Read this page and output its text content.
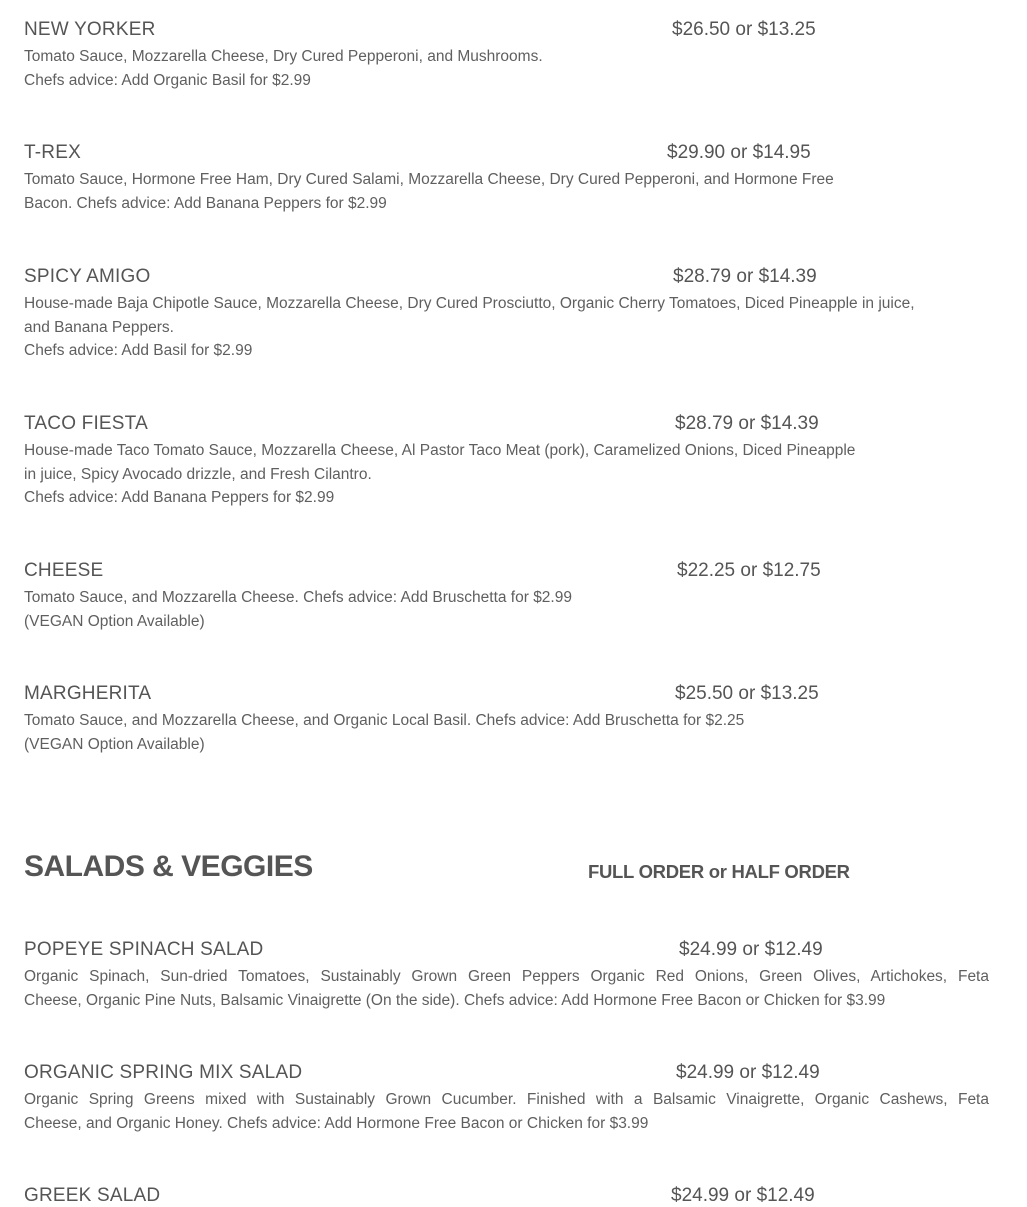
NEW YORKER	$26.50 or $13.25
Tomato Sauce, Mozzarella Cheese, Dry Cured Pepperoni, and Mushrooms.
Chefs advice: Add Organic Basil for $2.99
T-REX	$29.90 or $14.95
Tomato Sauce, Hormone Free Ham, Dry Cured Salami, Mozzarella Cheese, Dry Cured Pepperoni, and Hormone Free
Bacon. Chefs advice: Add Banana Peppers for $2.99
SPICY AMIGO	$28.79 or $14.39
House-made Baja Chipotle Sauce, Mozzarella Cheese, Dry Cured Prosciutto, Organic Cherry Tomatoes, Diced Pineapple in juice,
and Banana Peppers.
Chefs advice: Add Basil for $2.99
TACO FIESTA	$28.79 or $14.39
House-made Taco Tomato Sauce, Mozzarella Cheese, Al Pastor Taco Meat (pork), Caramelized Onions, Diced Pineapple
in juice, Spicy Avocado drizzle, and Fresh Cilantro.
Chefs advice: Add Banana Peppers for $2.99
CHEESE	$22.25 or $12.75
Tomato Sauce, and Mozzarella Cheese. Chefs advice: Add Bruschetta for $2.99
(VEGAN Option Available)
MARGHERITA	$25.50 or $13.25
Tomato Sauce, and Mozzarella Cheese, and Organic Local Basil. Chefs advice: Add Bruschetta for $2.25
(VEGAN Option Available)
SALADS & VEGGIES	FULL ORDER or HALF ORDER
POPEYE SPINACH SALAD	$24.99 or $12.49
Organic Spinach, Sun-dried Tomatoes, Sustainably Grown Green Peppers Organic Red Onions, Green Olives, Artichokes, Feta
Cheese, Organic Pine Nuts, Balsamic Vinaigrette (On the side). Chefs advice: Add Hormone Free Bacon or Chicken for $3.99
ORGANIC SPRING MIX SALAD	$24.99 or $12.49
Organic Spring Greens mixed with Sustainably Grown Cucumber. Finished with a Balsamic Vinaigrette, Organic Cashews, Feta
Cheese, and Organic Honey. Chefs advice: Add Hormone Free Bacon or Chicken for $3.99
GREEK SALAD	$24.99 or $12.49
